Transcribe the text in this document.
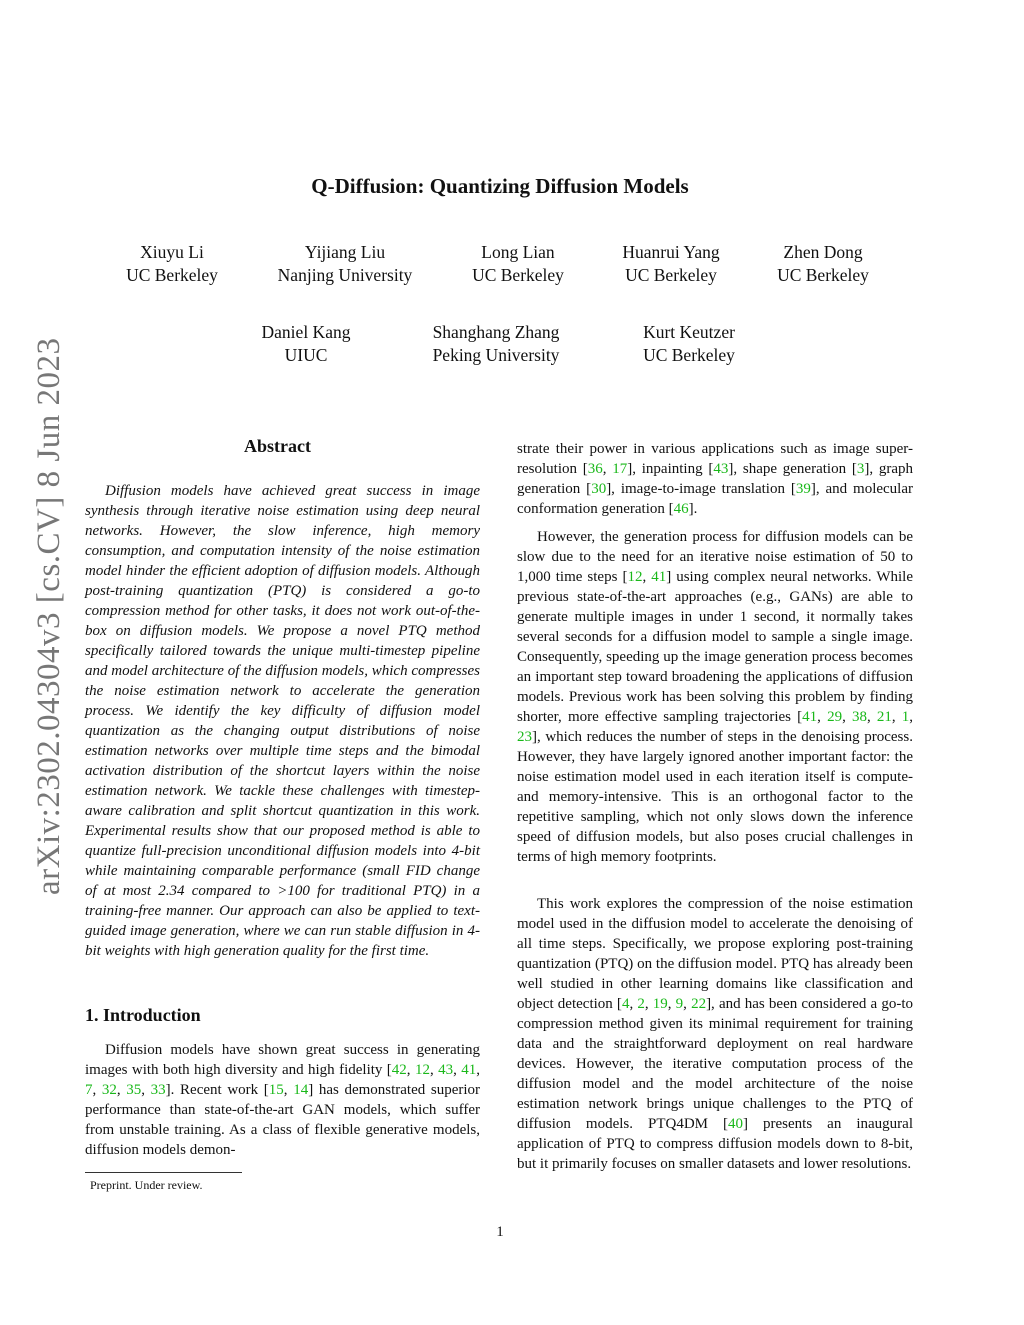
Q-Diffusion: Quantizing Diffusion Models
Xiuyu Li
UC Berkeley
Yijiang Liu
Nanjing University
Long Lian
UC Berkeley
Huanrui Yang
UC Berkeley
Zhen Dong
UC Berkeley
Daniel Kang
UIUC
Shanghang Zhang
Peking University
Kurt Keutzer
UC Berkeley
arXiv:2302.04304v3 [cs.CV] 8 Jun 2023	Abstract
Diffusion models have achieved great success in image synthesis through iterative noise estimation using deep neural networks. However, the slow inference, high memory consumption, and computation intensity of the noise estimation model hinder the efficient adoption of diffusion models. Although post-training quantization (PTQ) is considered a go-to compression method for other tasks, it does not work out-of-the-box on diffusion models. We propose a novel PTQ method specifically tailored towards the unique multi-timestep pipeline and model architecture of the diffusion models, which compresses the noise estimation network to accelerate the generation process. We identify the key difficulty of diffusion model quantization as the changing output distributions of noise estimation networks over multiple time steps and the bimodal activation distribution of the shortcut layers within the noise estimation network. We tackle these challenges with timestep-aware calibration and split shortcut quantization in this work. Experimental results show that our proposed method is able to quantize full-precision unconditional diffusion models into 4-bit while maintaining comparable performance (small FID change of at most 2.34 compared to >100 for traditional PTQ) in a training-free manner. Our approach can also be applied to text-guided image generation, where we can run stable diffusion in 4-bit weights with high generation quality for the first time.
1. Introduction
Diffusion models have shown great success in generating images with both high diversity and high fidelity [42, 12, 43, 41, 7, 32, 35, 33]. Recent work [15, 14] has demonstrated superior performance than state-of-the-art GAN models, which suffer from unstable training. As a class of flexible generative models, diffusion models demon-
strate their power in various applications such as image super-resolution [36, 17], inpainting [43], shape generation [3], graph generation [30], image-to-image translation [39], and molecular conformation generation [46].
However, the generation process for diffusion models can be slow due to the need for an iterative noise estimation of 50 to 1,000 time steps [12, 41] using complex neural networks. While previous state-of-the-art approaches (e.g., GANs) are able to generate multiple images in under 1 second, it normally takes several seconds for a diffusion model to sample a single image. Consequently, speeding up the image generation process becomes an important step toward broadening the applications of diffusion models. Previous work has been solving this problem by finding shorter, more effective sampling trajectories [41, 29, 38, 21, 1, 23], which reduces the number of steps in the denoising process. However, they have largely ignored another important factor: the noise estimation model used in each iteration itself is compute- and memory-intensive. This is an orthogonal factor to the repetitive sampling, which not only slows down the inference speed of diffusion models, but also poses crucial challenges in terms of high memory footprints.
This work explores the compression of the noise estimation model used in the diffusion model to accelerate the denoising of all time steps. Specifically, we propose exploring post-training quantization (PTQ) on the diffusion model. PTQ has already been well studied in other learning domains like classification and object detection [4, 2, 19, 9, 22], and has been considered a go-to compression method given its minimal requirement for training data and the straightforward deployment on real hardware devices. However, the iterative computation process of the diffusion model and the model architecture of the noise estimation network brings unique challenges to the PTQ of diffusion models. PTQ4DM [40] presents an inaugural application of PTQ to compress diffusion models down to 8-bit, but it primarily focuses on smaller datasets and lower resolutions.
Preprint. Under review.
1
